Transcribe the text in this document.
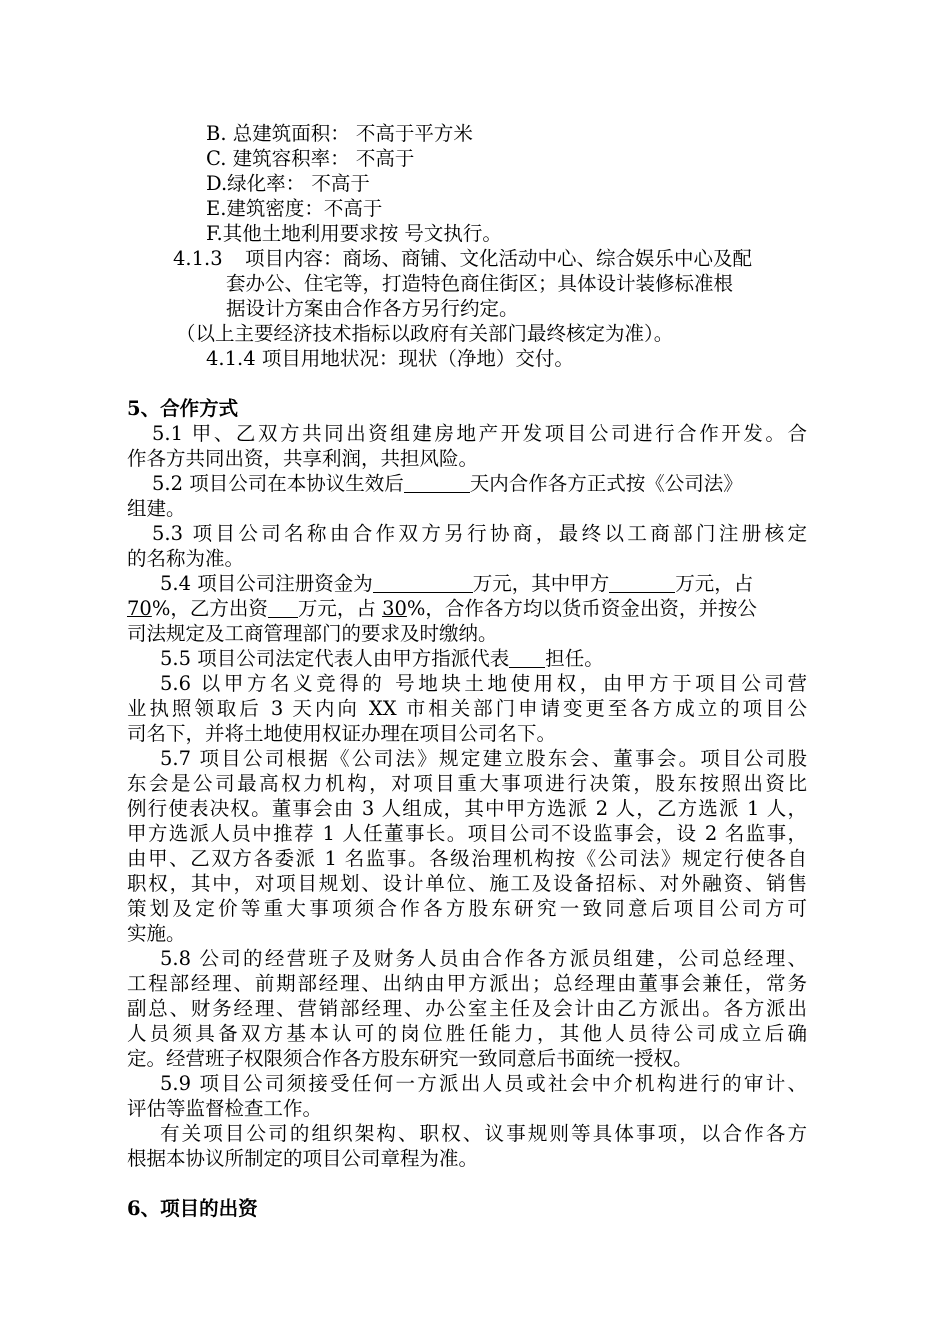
B. 总建筑面积： 不高于平方米
C. 建筑容积率： 不高于
D.绿化率： 不高于
E.建筑密度：不高于
F.其他土地利用要求按 号文执行。
4.1.3 项目内容：商场、商铺、文化活动中心、综合娱乐中心及配
套办公、住宅等，打造特色商住街区；具体设计装修标准根
据设计方案由合作各方另行约定。
（以上主要经济技术指标以政府有关部门最终核定为准）。
4.1.4 项目用地状况：现状（净地）交付。
5、合作方式
5.1 甲、乙双方共同出资组建房地产开发项目公司进行合作开发。合
作各方共同出资，共享利润，共担风险。
5.2 项目公司在本协议生效后	天内合作各方正式按《公司法》
组建。
5.3 项目公司名称由合作双方另行协商，最终以工商部门注册核定
的名称为准。
5.4 项目公司注册资金为	万元，其中甲方	万元，占
70%，乙方出资 万元，占 30%，合作各方均以货币资金出资，并按公
司法规定及工商管理部门的要求及时缴纳。
5.5 项目公司法定代表人由甲方指派代表 担任。
5.6 以甲方名义竞得的 号地块土地使用权，由甲方于项目公司营
业执照领取后 3 天内向 XX 市相关部门申请变更至各方成立的项目公
司名下，并将土地使用权证办理在项目公司名下。
5.7 项目公司根据《公司法》规定建立股东会、董事会。项目公司股
东会是公司最高权力机构，对项目重大事项进行决策，股东按照出资比
例行使表决权。董事会由 3 人组成，其中甲方选派 2 人，乙方选派 1 人，
甲方选派人员中推荐 1 人任董事长。项目公司不设监事会，设 2 名监事，
由甲、乙双方各委派 1 名监事。各级治理机构按《公司法》规定行使各自
职权，其中，对项目规划、设计单位、施工及设备招标、对外融资、销售
策划及定价等重大事项须合作各方股东研究一致同意后项目公司方可
实施。
5.8 公司的经营班子及财务人员由合作各方派员组建，公司总经理、
工程部经理、前期部经理、出纳由甲方派出；总经理由董事会兼任，常务
副总、财务经理、营销部经理、办公室主任及会计由乙方派出。各方派出
人员须具备双方基本认可的岗位胜任能力，其他人员待公司成立后确
定。经营班子权限须合作各方股东研究一致同意后书面统一授权。
5.9 项目公司须接受任何一方派出人员或社会中介机构进行的审计、
评估等监督检查工作。
有关项目公司的组织架构、职权、议事规则等具体事项，以合作各方
根据本协议所制定的项目公司章程为准。
6、项目的出资
